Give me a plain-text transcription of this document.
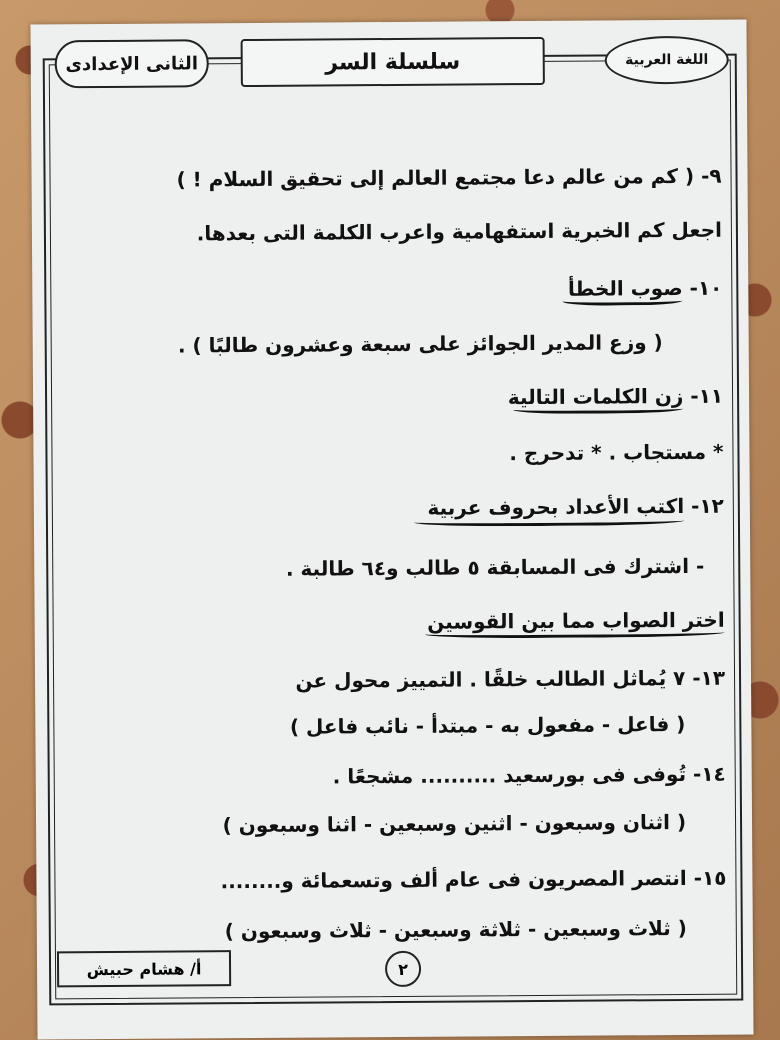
الثانى الإعدادى	سلسلة السر	اللغة العربية
٩- ( كم من عالم دعا مجتمع العالم إلى تحقيق السلام ! )
اجعل كم الخبرية استفهامية واعرب الكلمة التى بعدها.
١٠- صوب الخطأ
( وزع المدير الجوائز على سبعة وعشرون طالبًا ) .
١١- زن الكلمات التالية
* مستجاب . * تدحرج .
١٢- اكتب الأعداد بحروف عربية
- اشترك فى المسابقة ٥ طالب و٦٤ طالبة .
اختر الصواب مما بين القوسين
١٣- ٧ يُماثل الطالب خلقًا . التمييز محول عن
( فاعل - مفعول به - مبتدأ - نائب فاعل )
١٤- تُوفى فى بورسعيد .......... مشجعًا .
( اثنان وسبعون - اثنين وسبعين - اثنا وسبعون )
١٥- انتصر المصريون فى عام ألف وتسعمائة و........
( ثلاث وسبعين - ثلاثة وسبعين - ثلاث وسبعون )
أ/ هشام حبيش	٢
